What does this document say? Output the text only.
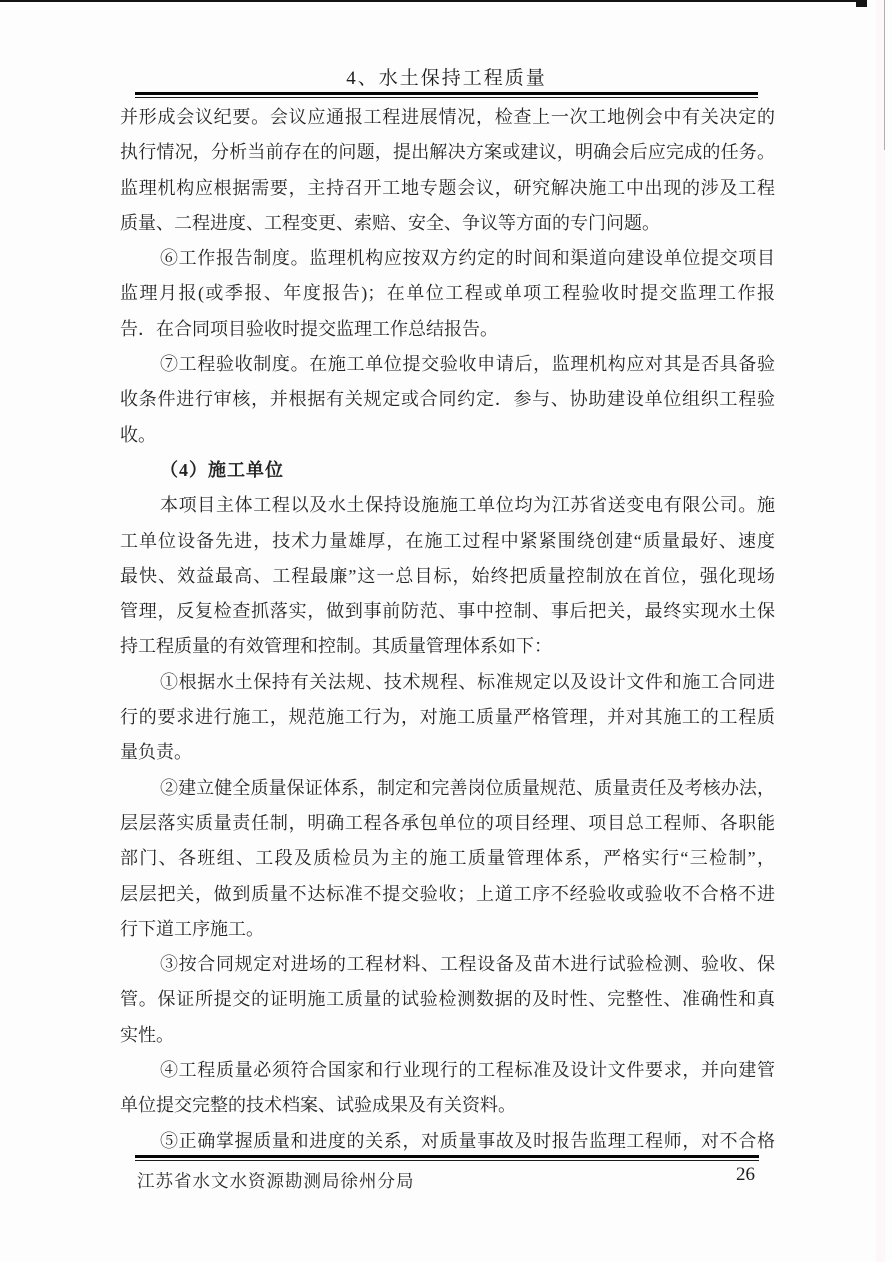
4、水土保持工程质量
并形成会议纪要。会议应通报工程进展情况，检查上一次工地例会中有关决定的
执行情况，分析当前存在的问题，提出解决方案或建议，明确会后应完成的任务。
监理机构应根据需要，主持召开工地专题会议，研究解决施工中出现的涉及工程
质量、二程进度、工程变更、索赔、安全、争议等方面的专门问题。
⑥工作报告制度。监理机构应按双方约定的时间和渠道向建设单位提交项目
监理月报(或季报、年度报告)；在单位工程或单项工程验收时提交监理工作报
告．在合同项目验收时提交监理工作总结报告。
⑦工程验收制度。在施工单位提交验收申请后，监理机构应对其是否具备验
收条件进行审核，并根据有关规定或合同约定．参与、协助建设单位组织工程验
收。
（4）施工单位
本项目主体工程以及水土保持设施施工单位均为江苏省送变电有限公司。施
工单位设备先进，技术力量雄厚，在施工过程中紧紧围绕创建“质量最好、速度
最快、效益最高、工程最廉”这一总目标，始终把质量控制放在首位，强化现场
管理，反复检查抓落实，做到事前防范、事中控制、事后把关，最终实现水土保
持工程质量的有效管理和控制。其质量管理体系如下：
①根据水土保持有关法规、技术规程、标准规定以及设计文件和施工合同进
行的要求进行施工，规范施工行为，对施工质量严格管理，并对其施工的工程质
量负责。
②建立健全质量保证体系，制定和完善岗位质量规范、质量责任及考核办法，
层层落实质量责任制，明确工程各承包单位的项目经理、项目总工程师、各职能
部门、各班组、工段及质检员为主的施工质量管理体系，严格实行“三检制”，
层层把关，做到质量不达标准不提交验收；上道工序不经验收或验收不合格不进
行下道工序施工。
③按合同规定对进场的工程材料、工程设备及苗木进行试验检测、验收、保
管。保证所提交的证明施工质量的试验检测数据的及时性、完整性、准确性和真
实性。
④工程质量必须符合国家和行业现行的工程标准及设计文件要求，并向建管
单位提交完整的技术档案、试验成果及有关资料。
⑤正确掌握质量和进度的关系，对质量事故及时报告监理工程师，对不合格
江苏省水文水资源勘测局徐州分局	26
